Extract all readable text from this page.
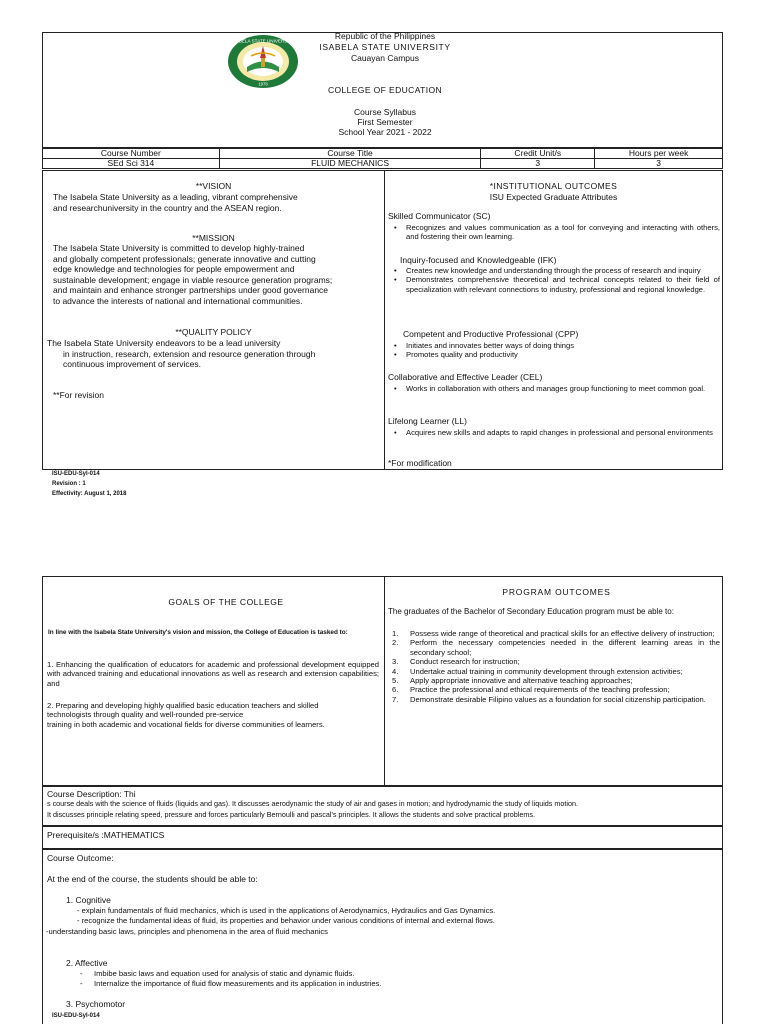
ISABELA STATE UNIVERSITY
1978
Republic of the Philippines
ISABELA STATE UNIVERSITY
Cauayan Campus
COLLEGE OF EDUCATION
Course Syllabus
First Semester
School Year 2021 - 2022
Course Number	Course Title	Credit Unit/s	Hours per week
SEd Sci 314	FLUID MECHANICS	3	3
**VISION
The Isabela State University as a leading, vibrant comprehensive
and researchuniversity in the country and the ASEAN region.
**MISSION
The Isabela State University is committed to develop highly-trained
and globally competent professionals; generate innovative and cutting
edge knowledge and technologies for people empowerment and
sustainable development; engage in viable resource generation programs;
and maintain and enhance stronger partnerships under good governance
to advance the interests of national and international communities.
**QUALITY POLICY
The Isabela State University endeavors to be a lead university
in instruction, research, extension and resource generation through
continuous improvement of services.
**For revision
*INSTITUTIONAL OUTCOMES
ISU Expected Graduate Attributes
Skilled Communicator (SC)
• Recognizes and values communication as a tool for conveying and interacting with others, and fostering their own learning.
Inquiry-focused and Knowledgeable (IFK)
• Creates new knowledge and understanding through the process of research and inquiry
• Demonstrates comprehensive theoretical and technical concepts related to their field of specialization with relevant connections to industry, professional and regional knowledge.
Competent and Productive Professional (CPP)
• Initiates and innovates better ways of doing things
• Promotes quality and productivity
Collaborative and Effective Leader (CEL)
• Works in collaboration with others and manages group functioning to meet common goal.
Lifelong Learner (LL)
• Acquires new skills and adapts to rapid changes in professional and personal environments
*For modification
ISU-EDU-Syl-014
Revision : 1
Effectivity: August 1, 2018
GOALS OF THE COLLEGE
In line with the Isabela State University's vision and mission, the College of Education is tasked to:
1. Enhancing the qualification of educators for academic and professional development equipped with advanced training and educational innovations as well as research and extension capabilities; and
2. Preparing and developing highly qualified basic education teachers and skilled
technologists through quality and well-rounded pre-service
training in both academic and vocational fields for diverse communities of learners.
PROGRAM OUTCOMES
The graduates of the Bachelor of Secondary Education program must be able to:
1. Possess wide range of theoretical and practical skills for an effective delivery of instruction;
2. Perform the necessary competencies needed in the different learning areas in the secondary school;
3. Conduct research for instruction;
4. Undertake actual training in community development through extension activities;
5. Apply appropriate innovative and alternative teaching approaches;
6. Practice the professional and ethical requirements of the teaching profession;
7. Demonstrate desirable Filipino values as a foundation for social citizenship participation.
Course Description: Thi
s course deals with the science of fluids (liquids and gas). It discusses aerodynamic the study of air and gases in motion; and hydrodynamic the study of liquids motion.
It discusses principle relating speed, pressure and forces particularly Bernoulli and pascal's principles. It allows the students and solve practical problems.
Prerequisite/s :MATHEMATICS
Course Outcome:
At the end of the course, the students should be able to:
1. Cognitive
- explain fundamentals of fluid mechanics, which is used in the applications of Aerodynamics, Hydraulics and Gas Dynamics.
- recognize the fundamental ideas of fluid, its properties and behavior under various conditions of internal and external flows.
-understanding basic laws, principles and phenomena in the area of fluid mechanics
2. Affective
- Imbibe basic laws and equation used for analysis of static and dynamic fluids.
- Internalize the importance of fluid flow measurements and its application in industries.
3. Psychomotor
ISU-EDU-Syl-014
